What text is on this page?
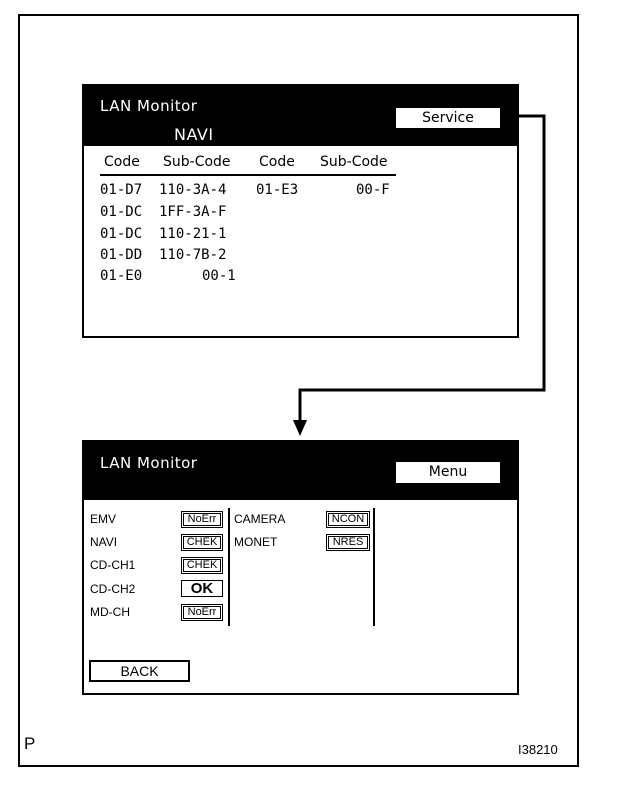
LAN Monitor
NAVI
Service
Code Sub-Code Code Sub-Code
01-D7 110-3A-4 01-E3	00-F
01-DC 1FF-3A-F
01-DC 110-21-1
01-DD 110-7B-2
01-E0	00-1
LAN Monitor	Menu
EMV	NoErr
NAVI	CHEK
CD-CH1	CHEK
CD-CH2	OK
MD-CH	NoErr
CAMERA	NCON
MONET	NRES
BACK
P	I38210
